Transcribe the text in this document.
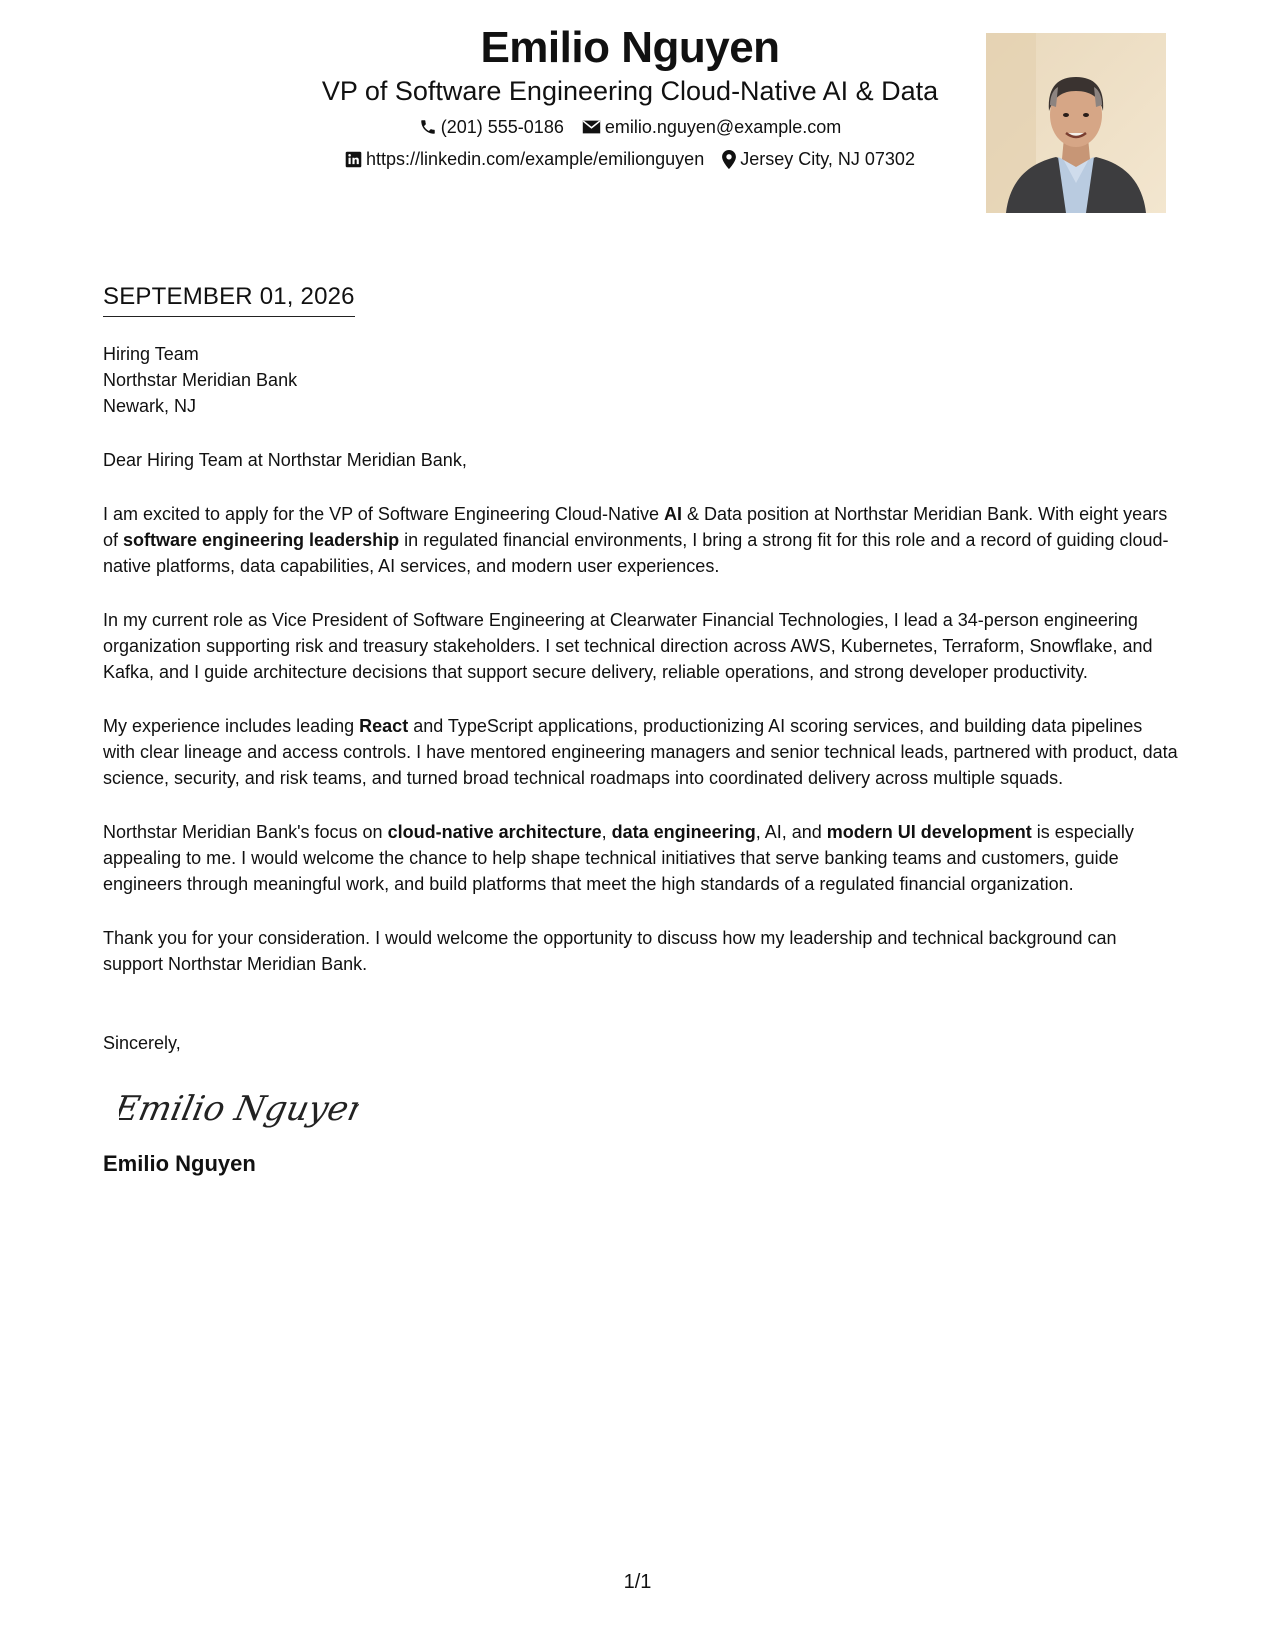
Emilio Nguyen
VP of Software Engineering Cloud-Native AI & Data
(201) 555-0186 emilio.nguyen@example.com
https://linkedin.com/example/emilionguyen Jersey City, NJ 07302
SEPTEMBER 01, 2026
Hiring Team
Northstar Meridian Bank
Newark, NJ
Dear Hiring Team at Northstar Meridian Bank,
I am excited to apply for the VP of Software Engineering Cloud-Native AI & Data position at Northstar Meridian Bank. With eight years of software engineering leadership in regulated financial environments, I bring a strong fit for this role and a record of guiding cloud-native platforms, data capabilities, AI services, and modern user experiences.
In my current role as Vice President of Software Engineering at Clearwater Financial Technologies, I lead a 34-person engineering organization supporting risk and treasury stakeholders. I set technical direction across AWS, Kubernetes, Terraform, Snowflake, and Kafka, and I guide architecture decisions that support secure delivery, reliable operations, and strong developer productivity.
My experience includes leading React and TypeScript applications, productionizing AI scoring services, and building data pipelines with clear lineage and access controls. I have mentored engineering managers and senior technical leads, partnered with product, data science, security, and risk teams, and turned broad technical roadmaps into coordinated delivery across multiple squads.
Northstar Meridian Bank's focus on cloud-native architecture, data engineering, AI, and modern UI development is especially appealing to me. I would welcome the chance to help shape technical initiatives that serve banking teams and customers, guide engineers through meaningful work, and build platforms that meet the high standards of a regulated financial organization.
Thank you for your consideration. I would welcome the opportunity to discuss how my leadership and technical background can support Northstar Meridian Bank.
Sincerely,
Emilio Nguyen
Emilio Nguyen
1/1
